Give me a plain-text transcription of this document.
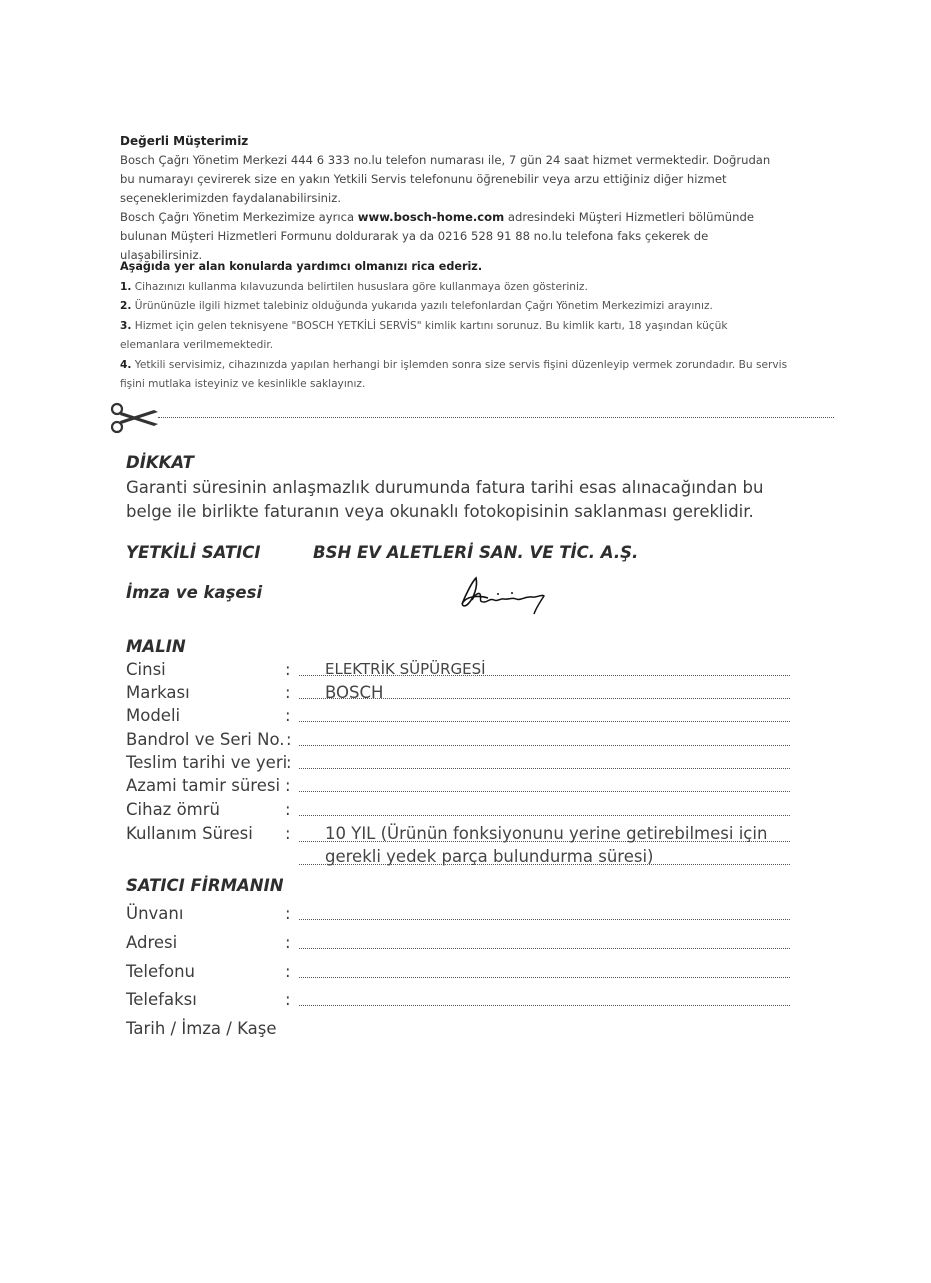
Değerli Müşterimiz

Bosch Çağrı Yönetim Merkezi 444 6 333 no.lu telefon numarası ile, 7 gün 24 saat hizmet vermektedir. Doğrudan bu numarayı çevirerek size en yakın Yetkili Servis telefonunu öğrenebilir veya arzu ettiğiniz diğer hizmet seçeneklerimizden faydalanabilirsiniz.

Bosch Çağrı Yönetim Merkezimize ayrıca www.bosch-home.com adresindeki Müşteri Hizmetleri bölümünde bulunan Müşteri Hizmetleri Formunu doldurarak ya da 0216 528 91 88 no.lu telefona faks çekerek de ulaşabilirsiniz.

Aşağıda yer alan konularda yardımcı olmanızı rica ederiz.

1. Cihazınızı kullanma kılavuzunda belirtilen hususlara göre kullanmaya özen gösteriniz.

2. Ürününüzle ilgili hizmet talebiniz olduğunda yukarıda yazılı telefonlardan Çağrı Yönetim Merkezimizi arayınız.

3. Hizmet için gelen teknisyene "BOSCH YETKİLİ SERVİS" kimlik kartını sorunuz. Bu kimlik kartı, 18 yaşından küçük elemanlara verilmemektedir.

4. Yetkili servisimiz, cihazınızda yapılan herhangi bir işlemden sonra size servis fişini düzenleyip vermek zorundadır. Bu servis fişini mutlaka isteyiniz ve kesinlikle saklayınız.

DİKKAT
Garanti süresinin anlaşmazlık durumunda fatura tarihi esas alınacağından bu belge ile birlikte faturanın veya okunaklı fotokopisinin saklanması gereklidir.
YETKİLİ SATICI	BSH EV ALETLERİ SAN. VE TİC. A.Ş.
İmza ve kaşesi
MALIN
Cinsi	: ELEKTRİK SÜPÜRGESİ
Markası	: BOSCH
Modeli	:
Bandrol ve Seri No. :
Teslim tarihi ve yeri
:
Azami tamir süresi :
Cihaz ömrü	:
Kullanım Süresi : 10 YIL (Ürünün fonksiyonunu yerine getirebilmesi için
gerekli yedek parça bulundurma süresi)
SATICI FİRMANIN
Ünvanı	:
Adresi	:
Telefonu	:
Telefaksı	:
Tarih / İmza / Kaşe
